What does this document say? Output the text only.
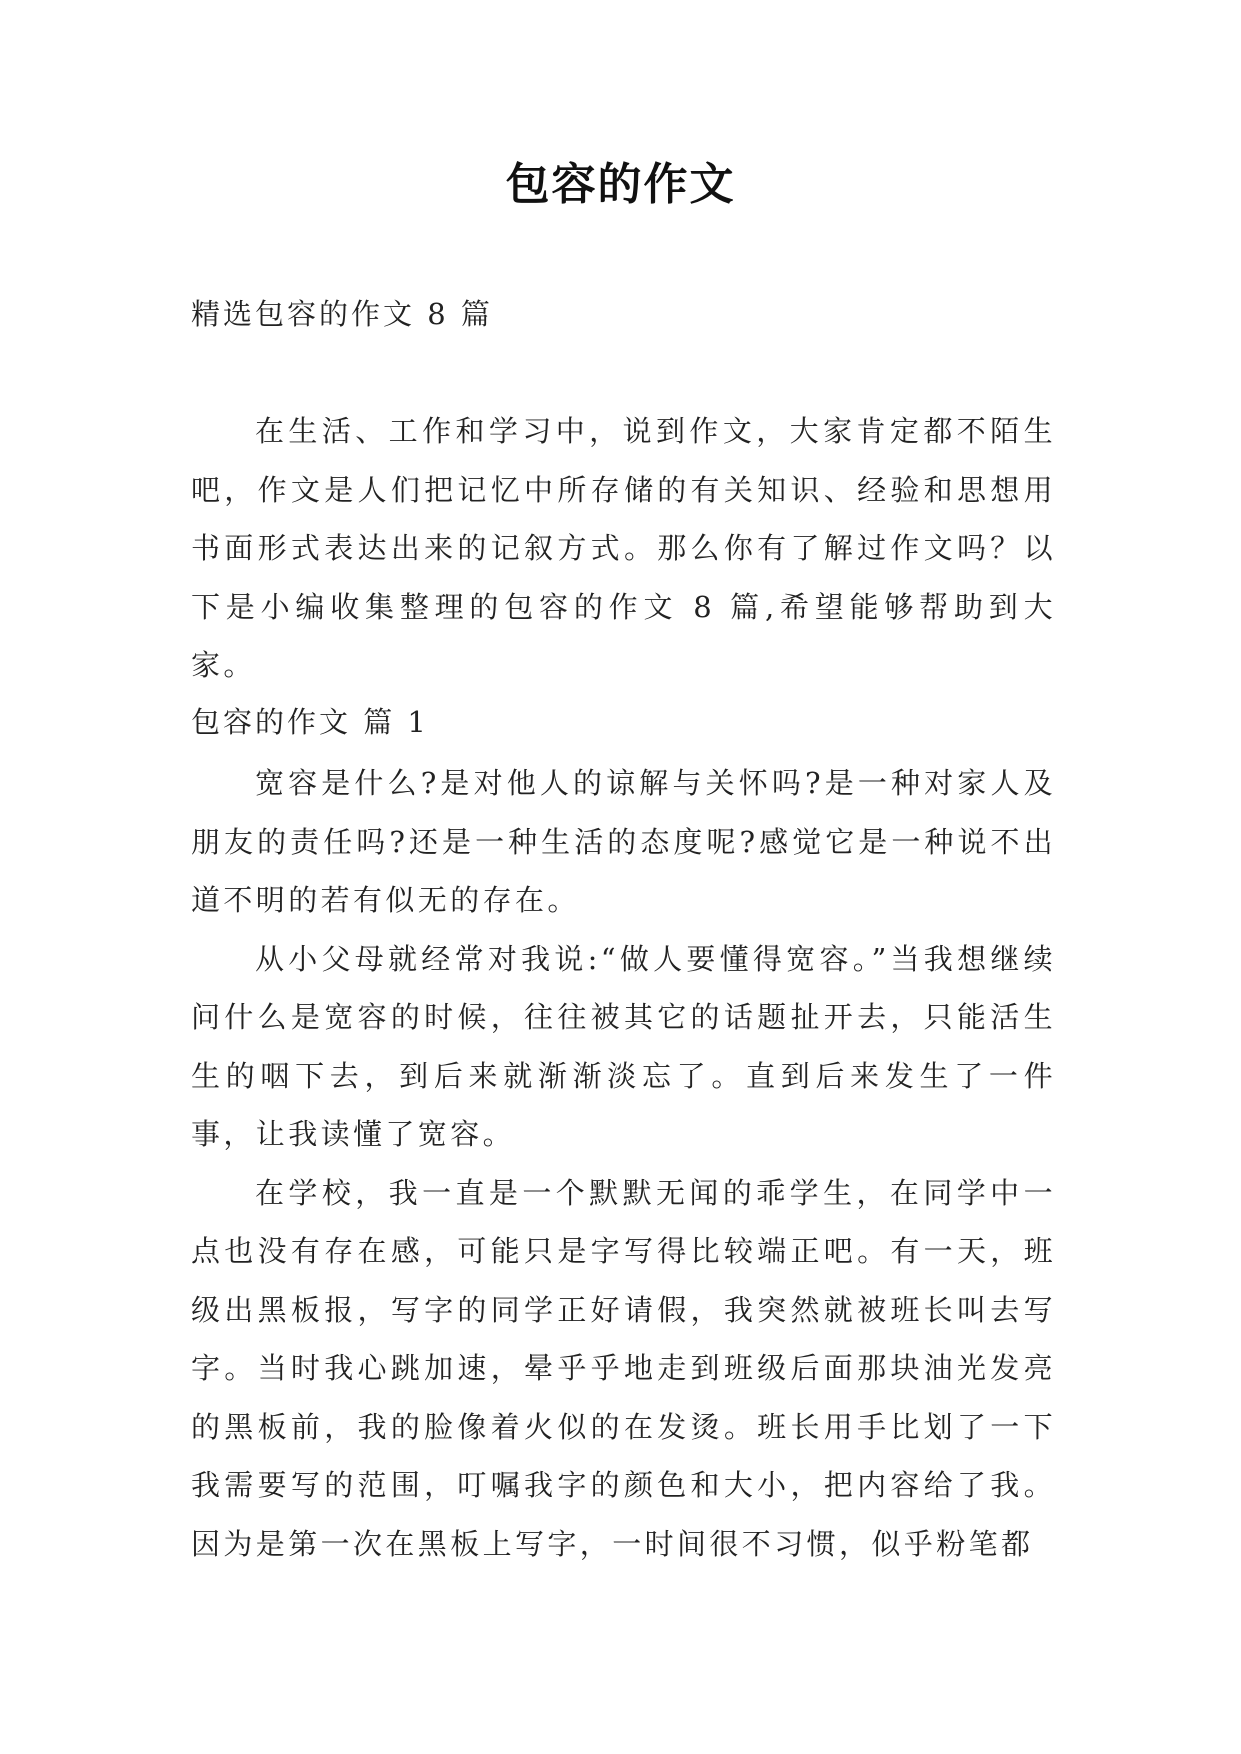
包容的作文
精选包容的作文 8 篇

在生活、工作和学习中，说到作文，大家肯定都不陌生吧，作文是人们把记忆中所存储的有关知识、经验和思想用书面形式表达出来的记叙方式。那么你有了解过作文吗？以下是小编收集整理的包容的作文 8 篇,希望能够帮助到大家。

包容的作文 篇 1

宽容是什么?是对他人的谅解与关怀吗?是一种对家人及朋友的责任吗?还是一种生活的态度呢?感觉它是一种说不出道不明的若有似无的存在。

从小父母就经常对我说:“做人要懂得宽容。”当我想继续问什么是宽容的时候，往往被其它的话题扯开去，只能活生生的咽下去，到后来就渐渐淡忘了。直到后来发生了一件事，让我读懂了宽容。

在学校，我一直是一个默默无闻的乖学生，在同学中一点也没有存在感，可能只是字写得比较端正吧。有一天，班级出黑板报，写字的同学正好请假，我突然就被班长叫去写字。当时我心跳加速，晕乎乎地走到班级后面那块油光发亮的黑板前，我的脸像着火似的在发烫。班长用手比划了一下我需要写的范围，叮嘱我字的颜色和大小，把内容给了我。因为是第一次在黑板上写字，一时间很不习惯，似乎粉笔都
